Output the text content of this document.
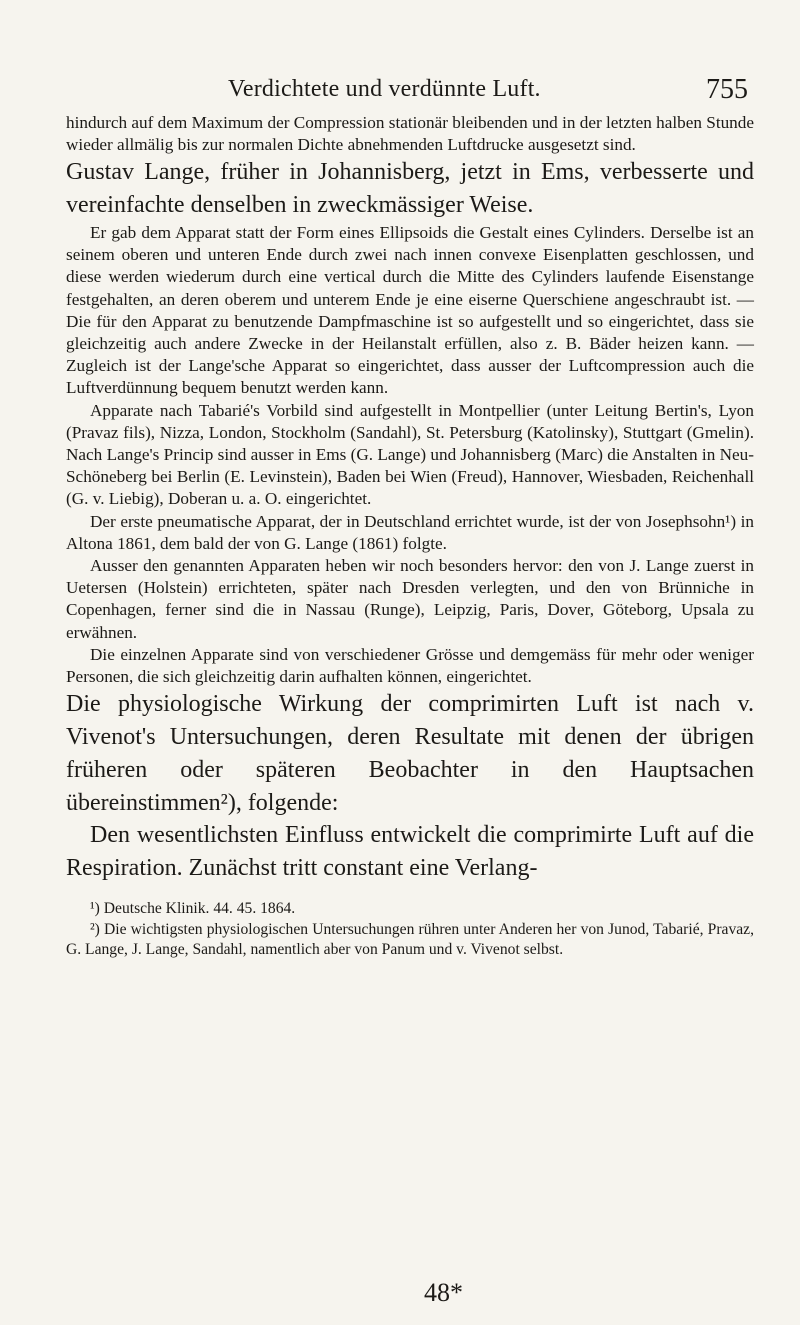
Verdichtete und verdünnte Luft.	755

hindurch auf dem Maximum der Compression stationär bleibenden und in der letzten halben Stunde wieder allmälig bis zur normalen Dichte abnehmenden Luftdrucke ausgesetzt sind.

Gustav Lange, früher in Johannisberg, jetzt in Ems, verbesserte und vereinfachte denselben in zweckmässiger Weise.

Er gab dem Apparat statt der Form eines Ellipsoids die Gestalt eines Cylinders. Derselbe ist an seinem oberen und unteren Ende durch zwei nach innen convexe Eisenplatten geschlossen, und diese werden wiederum durch eine vertical durch die Mitte des Cylinders laufende Eisenstange festgehalten, an deren oberem und unterem Ende je eine eiserne Querschiene angeschraubt ist. — Die für den Apparat zu benutzende Dampfmaschine ist so aufgestellt und so eingerichtet, dass sie gleichzeitig auch andere Zwecke in der Heilanstalt erfüllen, also z. B. Bäder heizen kann. — Zugleich ist der Lange'sche Apparat so eingerichtet, dass ausser der Luftcompression auch die Luftverdünnung bequem benutzt werden kann.

Apparate nach Tabarié's Vorbild sind aufgestellt in Montpellier (unter Leitung Bertin's, Lyon (Pravaz fils), Nizza, London, Stockholm (Sandahl), St. Petersburg (Katolinsky), Stuttgart (Gmelin). Nach Lange's Princip sind ausser in Ems (G. Lange) und Johannisberg (Marc) die Anstalten in Neu-Schöneberg bei Berlin (E. Levinstein), Baden bei Wien (Freud), Hannover, Wiesbaden, Reichenhall (G. v. Liebig), Doberan u. a. O. eingerichtet.

Der erste pneumatische Apparat, der in Deutschland errichtet wurde, ist der von Josephsohn¹) in Altona 1861, dem bald der von G. Lange (1861) folgte.

Ausser den genannten Apparaten heben wir noch besonders hervor: den von J. Lange zuerst in Uetersen (Holstein) errichteten, später nach Dresden verlegten, und den von Brünniche in Copenhagen, ferner sind die in Nassau (Runge), Leipzig, Paris, Dover, Göteborg, Upsala zu erwähnen.

Die einzelnen Apparate sind von verschiedener Grösse und demgemäss für mehr oder weniger Personen, die sich gleichzeitig darin aufhalten können, eingerichtet.

Die physiologische Wirkung der comprimirten Luft ist nach v. Vivenot's Untersuchungen, deren Resultate mit denen der übrigen früheren oder späteren Beobachter in den Hauptsachen übereinstimmen²), folgende:

Den wesentlichsten Einfluss entwickelt die comprimirte Luft auf die Respiration. Zunächst tritt constant eine Verlang-

¹) Deutsche Klinik. 44. 45. 1864.

²) Die wichtigsten physiologischen Untersuchungen rühren unter Anderen her von Junod, Tabarié, Pravaz, G. Lange, J. Lange, Sandahl, namentlich aber von Panum und v. Vivenot selbst.

48*
